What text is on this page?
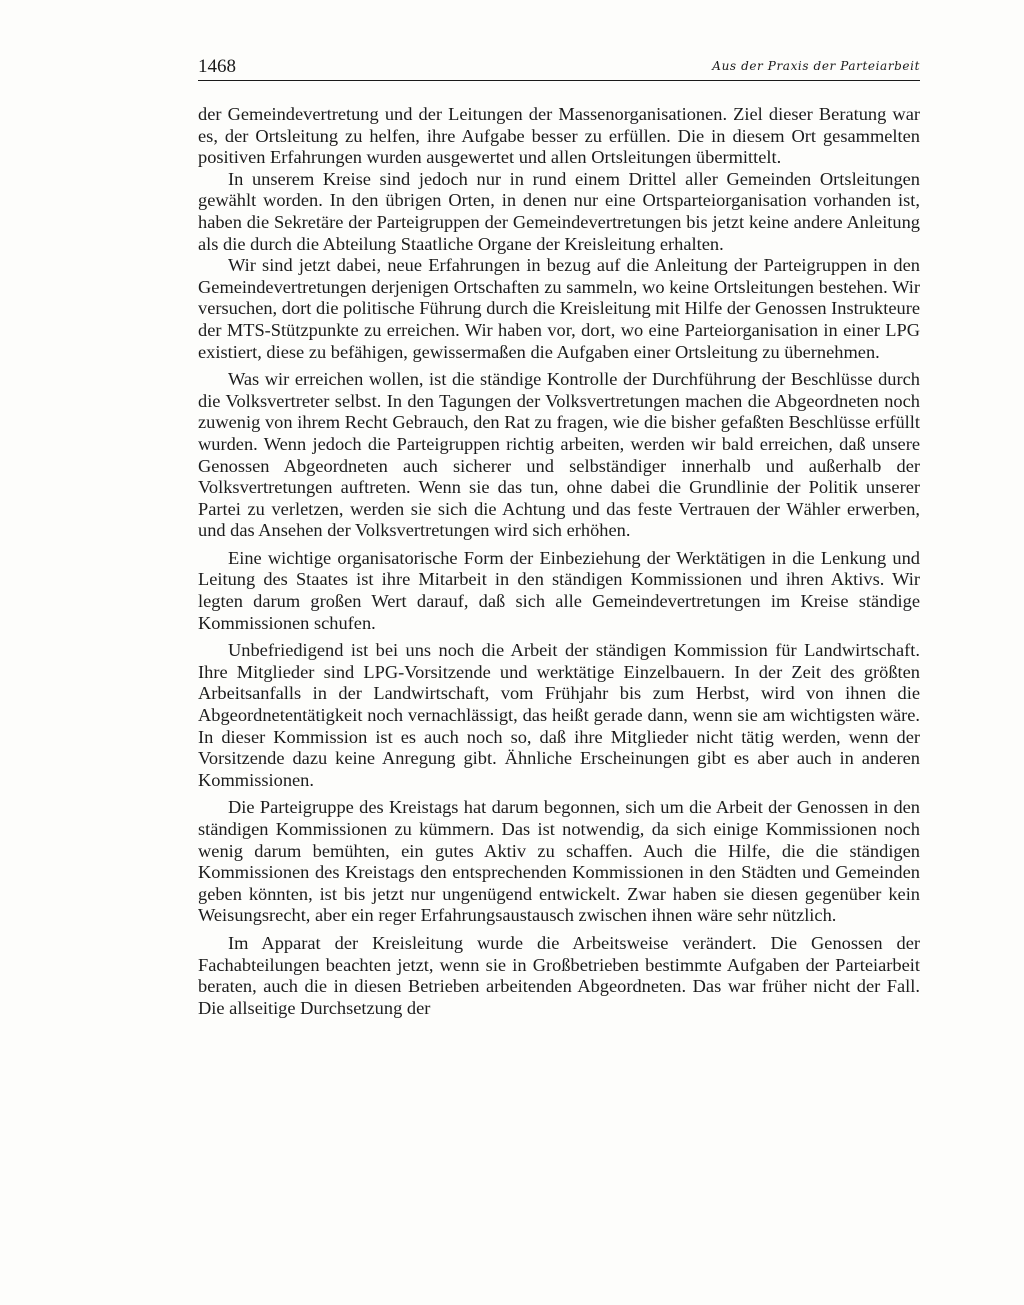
1468	Aus der Praxis der Parteiarbeit

der Gemeindevertretung und der Leitungen der Massenorganisationen. Ziel dieser Beratung war es, der Ortsleitung zu helfen, ihre Aufgabe besser zu erfüllen. Die in diesem Ort gesammelten positiven Erfahrungen wurden ausgewertet und allen Ortsleitungen übermittelt.

In unserem Kreise sind jedoch nur in rund einem Drittel aller Gemeinden Ortsleitungen gewählt worden. In den übrigen Orten, in denen nur eine Ortsparteiorganisation vorhanden ist, haben die Sekretäre der Parteigruppen der Gemeindevertretungen bis jetzt keine andere Anleitung als die durch die Abteilung Staatliche Organe der Kreisleitung erhalten.

Wir sind jetzt dabei, neue Erfahrungen in bezug auf die Anleitung der Parteigruppen in den Gemeindevertretungen derjenigen Ortschaften zu sammeln, wo keine Ortsleitungen bestehen. Wir versuchen, dort die politische Führung durch die Kreisleitung mit Hilfe der Genossen Instrukteure der MTS-Stützpunkte zu erreichen. Wir haben vor, dort, wo eine Parteiorganisation in einer LPG existiert, diese zu befähigen, gewissermaßen die Aufgaben einer Ortsleitung zu übernehmen.

Was wir erreichen wollen, ist die ständige Kontrolle der Durchführung der Beschlüsse durch die Volksvertreter selbst. In den Tagungen der Volksvertretungen machen die Abgeordneten noch zuwenig von ihrem Recht Gebrauch, den Rat zu fragen, wie die bisher gefaßten Beschlüsse erfüllt wurden. Wenn jedoch die Parteigruppen richtig arbeiten, werden wir bald erreichen, daß unsere Genossen Abgeordneten auch sicherer und selbständiger innerhalb und außerhalb der Volksvertretungen auftreten. Wenn sie das tun, ohne dabei die Grundlinie der Politik unserer Partei zu verletzen, werden sie sich die Achtung und das feste Vertrauen der Wähler erwerben, und das Ansehen der Volksvertretungen wird sich erhöhen.

Eine wichtige organisatorische Form der Einbeziehung der Werktätigen in die Lenkung und Leitung des Staates ist ihre Mitarbeit in den ständigen Kommissionen und ihren Aktivs. Wir legten darum großen Wert darauf, daß sich alle Gemeindevertretungen im Kreise ständige Kommissionen schufen.

Unbefriedigend ist bei uns noch die Arbeit der ständigen Kommission für Landwirtschaft. Ihre Mitglieder sind LPG-Vorsitzende und werktätige Einzelbauern. In der Zeit des größten Arbeitsanfalls in der Landwirtschaft, vom Frühjahr bis zum Herbst, wird von ihnen die Abgeordnetentätigkeit noch vernachlässigt, das heißt gerade dann, wenn sie am wichtigsten wäre. In dieser Kommission ist es auch noch so, daß ihre Mitglieder nicht tätig werden, wenn der Vorsitzende dazu keine Anregung gibt. Ähnliche Erscheinungen gibt es aber auch in anderen Kommissionen.

Die Parteigruppe des Kreistags hat darum begonnen, sich um die Arbeit der Genossen in den ständigen Kommissionen zu kümmern. Das ist notwendig, da sich einige Kommissionen noch wenig darum bemühten, ein gutes Aktiv zu schaffen. Auch die Hilfe, die die ständigen Kommissionen des Kreistags den entsprechenden Kommissionen in den Städten und Gemeinden geben könnten, ist bis jetzt nur ungenügend entwickelt. Zwar haben sie diesen gegenüber kein Weisungsrecht, aber ein reger Erfahrungsaustausch zwischen ihnen wäre sehr nützlich.

Im Apparat der Kreisleitung wurde die Arbeitsweise verändert. Die Genossen der Fachabteilungen beachten jetzt, wenn sie in Großbetrieben bestimmte Aufgaben der Parteiarbeit beraten, auch die in diesen Betrieben arbeitenden Abgeordneten. Das war früher nicht der Fall. Die allseitige Durchsetzung der
